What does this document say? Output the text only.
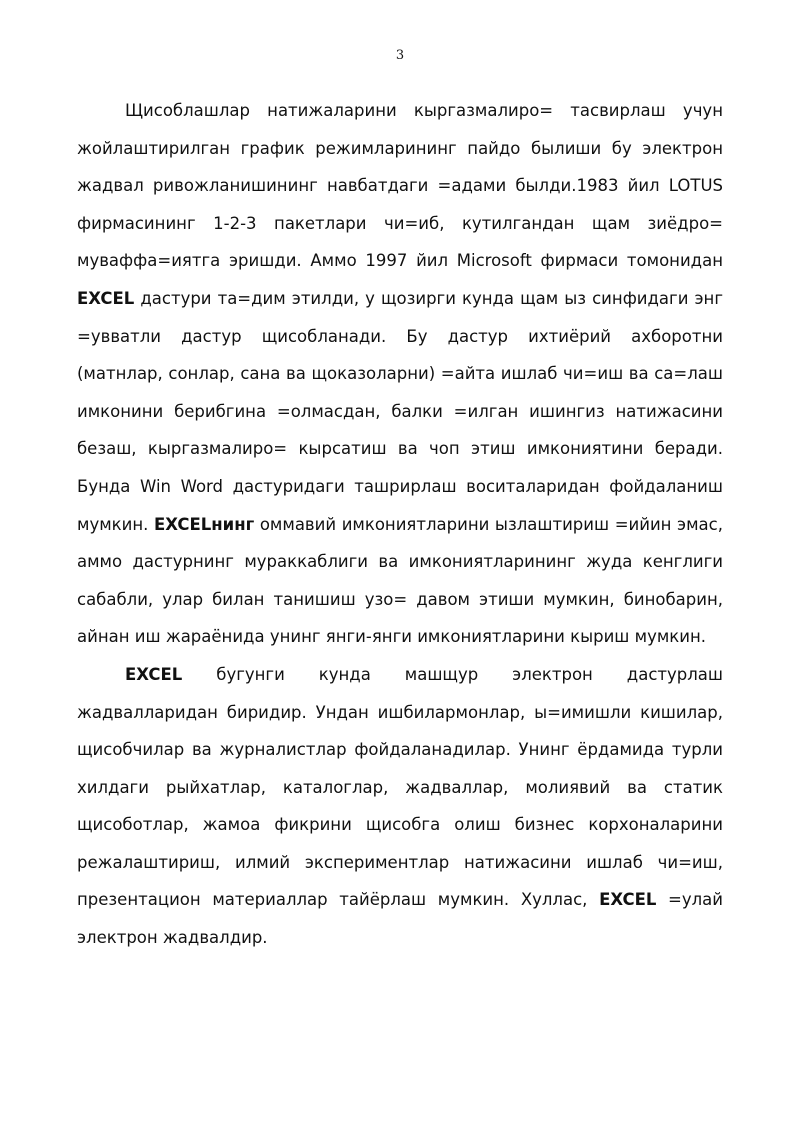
3

Щисоблашлар натижаларини кыргазмалиро= тасвирлаш учун жойлаштирилган график режимларининг пайдо былиши бу электрон жадвал ривожланишининг навбатдаги =адами былди.1983 йил LOTUS фирмасининг 1-2-3 пакетлари чи=иб, кутилгандан щам зиёдро= муваффа=иятга эришди. Аммо 1997 йил Microsoft фирмаси томонидан EXCEL дастури та=дим этилди, у щозирги кунда щам ыз синфидаги энг =увватли дастур щисобланади. Бу дастур ихтиёрий ахборотни (матнлар, сонлар, сана ва щоказоларни) =айта ишлаб чи=иш ва са=лаш имконини берибгина =олмасдан, балки =илган ишингиз натижасини безаш, кыргазмалиро= кырсатиш ва чоп этиш имкониятини беради. Бунда Win Word дастуридаги ташрирлаш воситаларидан фойдаланиш мумкин. EXCELнинг оммавий имкониятларини ызлаштириш =ийин эмас, аммо дастурнинг мураккаблиги ва имкониятларининг жуда кенглиги сабабли, улар билан танишиш узо= давом этиши мумкин, бинобарин, айнан иш жараёнида унинг янги-янги имкониятларини кыриш мумкин.

EXCEL бугунги кунда машщур электрон дастурлаш жадвалларидан биридир. Ундан ишбилармонлар, ы=имишли кишилар, щисобчилар ва журналистлар фойдаланадилар. Унинг ёрдамида турли хилдаги рыйхатлар, каталоглар, жадваллар, молиявий ва статик щисоботлар, жамоа фикрини щисобга олиш бизнес корхоналарини режалаштириш, илмий экспериментлар натижасини ишлаб чи=иш, презентацион материаллар тайёрлаш мумкин. Хуллас, EXCEL =улай электрон жадвалдир.
